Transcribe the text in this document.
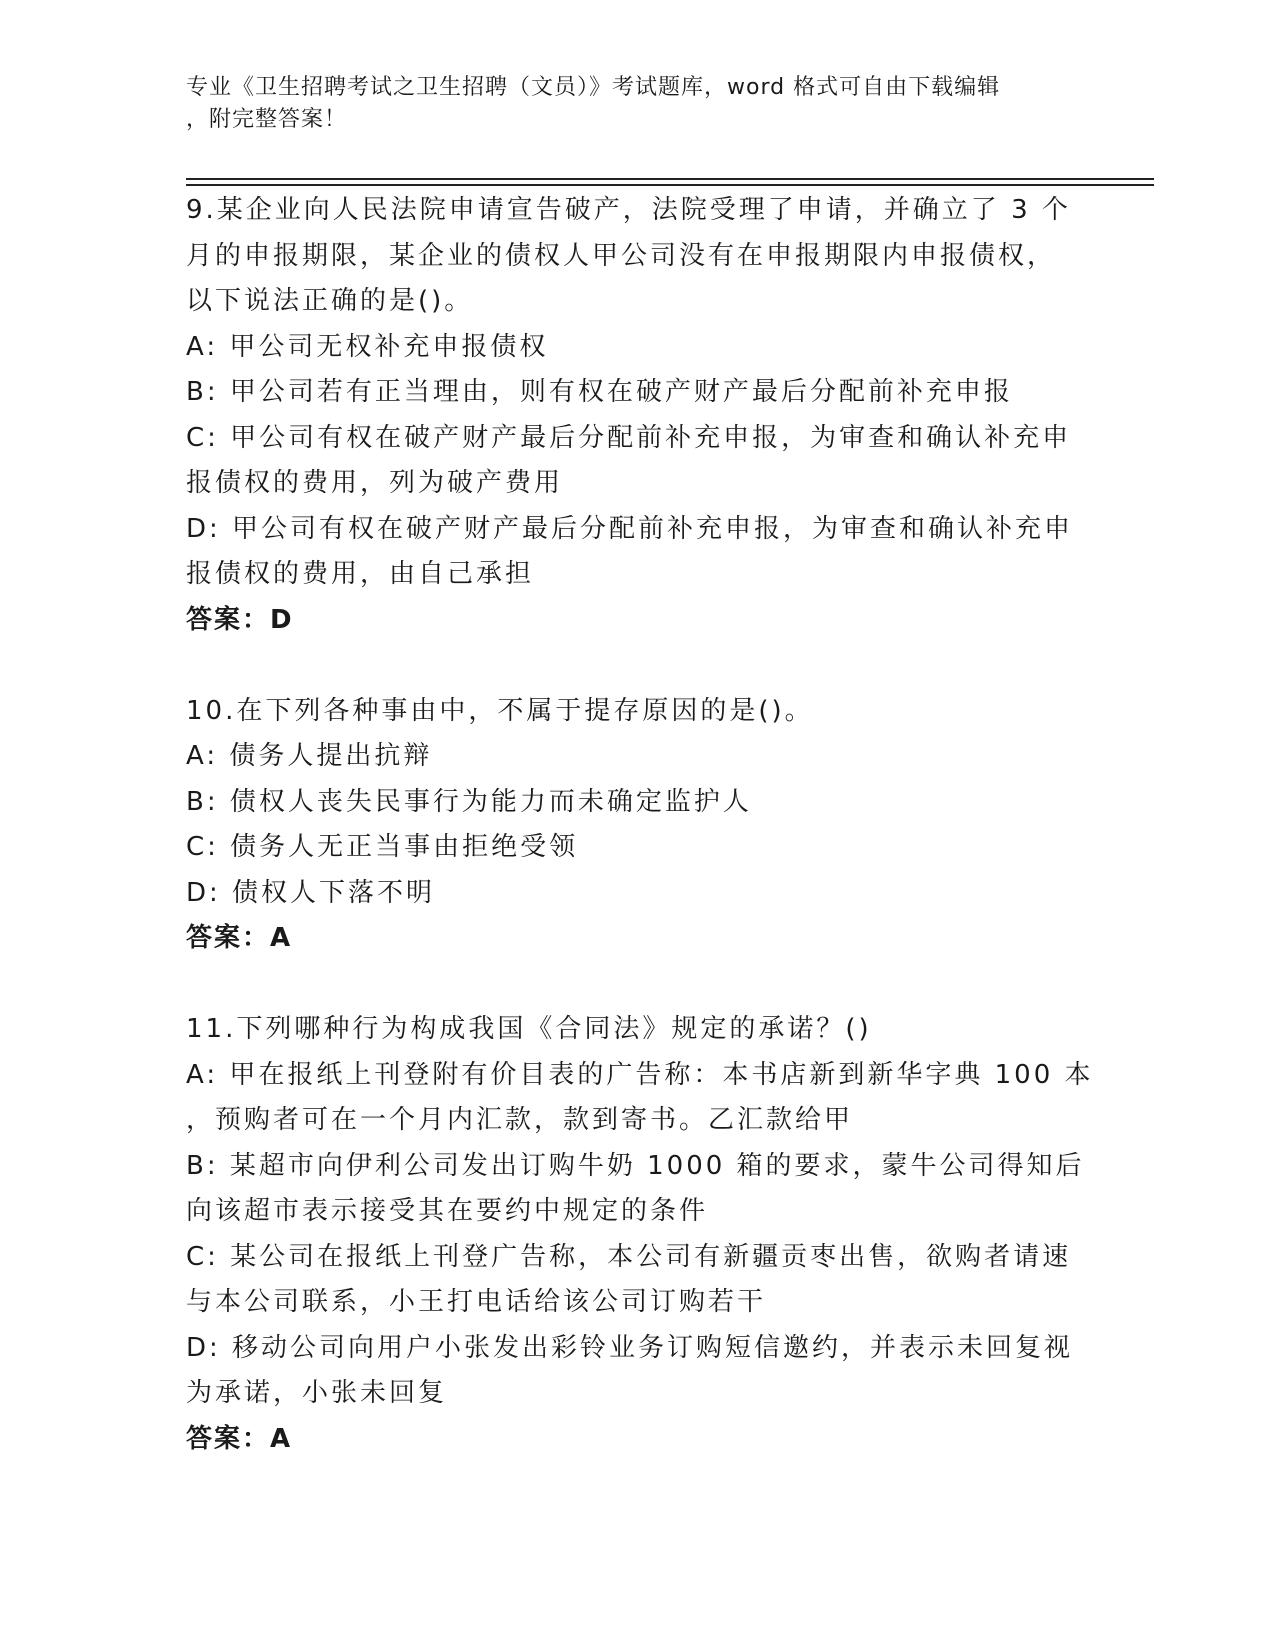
专业《卫生招聘考试之卫生招聘（文员）》考试题库，word 格式可自由下载编辑
，附完整答案！
9.某企业向人民法院申请宣告破产，法院受理了申请，并确立了 3 个
月的申报期限，某企业的债权人甲公司没有在申报期限内申报债权，
以下说法正确的是()。
A: 甲公司无权补充申报债权
B: 甲公司若有正当理由，则有权在破产财产最后分配前补充申报
C: 甲公司有权在破产财产最后分配前补充申报，为审查和确认补充申
报债权的费用，列为破产费用
D: 甲公司有权在破产财产最后分配前补充申报，为审查和确认补充申
报债权的费用，由自己承担
答案：D
10.在下列各种事由中，不属于提存原因的是()。
A: 债务人提出抗辩
B: 债权人丧失民事行为能力而未确定监护人
C: 债务人无正当事由拒绝受领
D: 债权人下落不明
答案：A
11.下列哪种行为构成我国《合同法》规定的承诺？()
A: 甲在报纸上刊登附有价目表的广告称：本书店新到新华字典 100 本
，预购者可在一个月内汇款，款到寄书。乙汇款给甲
B: 某超市向伊利公司发出订购牛奶 1000 箱的要求，蒙牛公司得知后
向该超市表示接受其在要约中规定的条件
C: 某公司在报纸上刊登广告称，本公司有新疆贡枣出售，欲购者请速
与本公司联系，小王打电话给该公司订购若干
D: 移动公司向用户小张发出彩铃业务订购短信邀约，并表示未回复视
为承诺，小张未回复
答案：A
